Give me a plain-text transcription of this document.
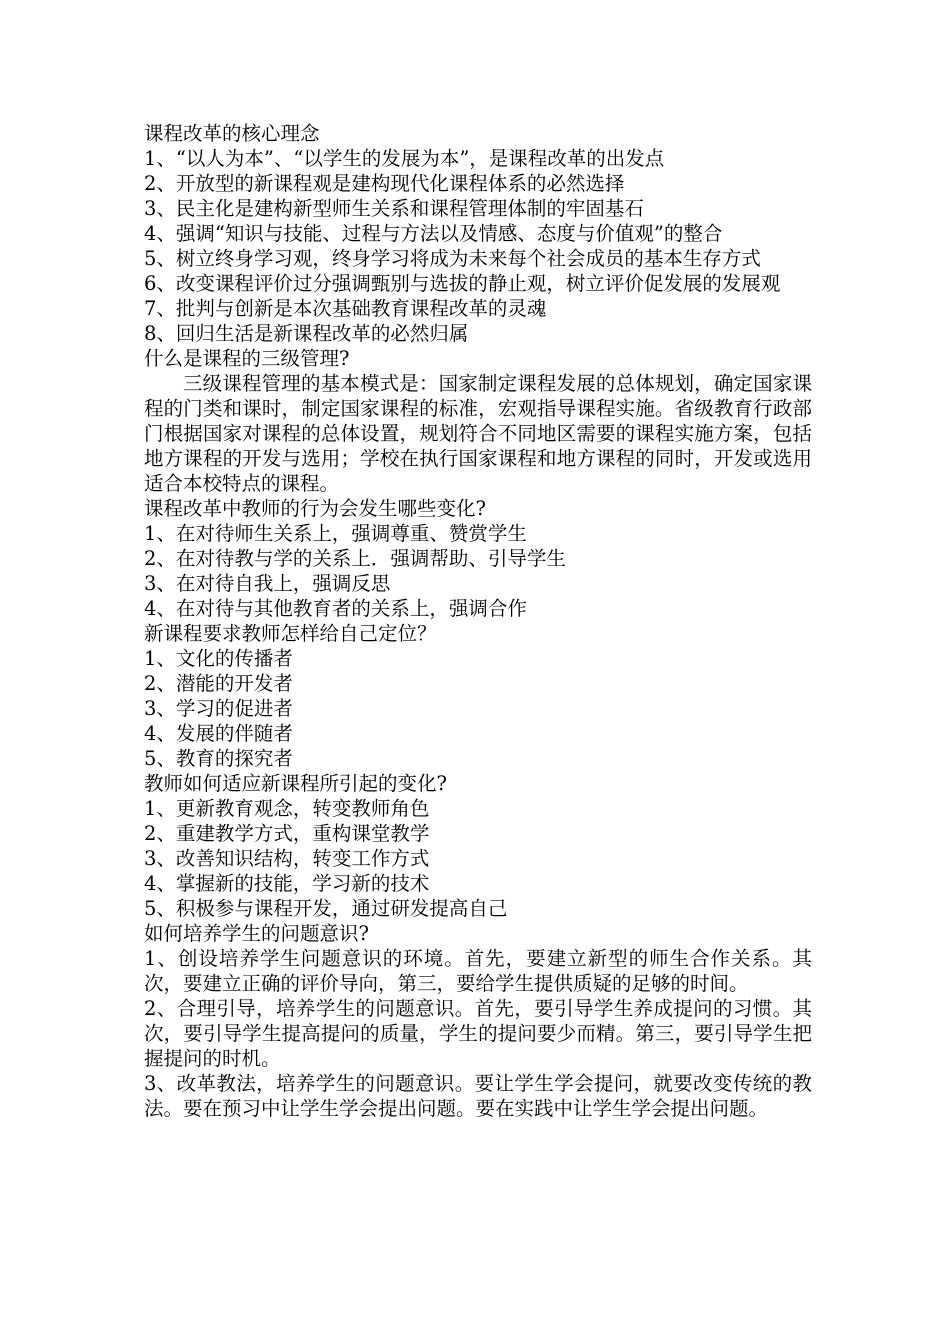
课程改革的核心理念

1、“以人为本”、“以学生的发展为本”，是课程改革的出发点

2、开放型的新课程观是建构现代化课程体系的必然选择

3、民主化是建构新型师生关系和课程管理体制的牢固基石

4、强调“知识与技能、过程与方法以及情感、态度与价值观”的整合

5、树立终身学习观，终身学习将成为未来每个社会成员的基本生存方式

6、改变课程评价过分强调甄别与选拔的静止观，树立评价促发展的发展观

7、批判与创新是本次基础教育课程改革的灵魂

8、回归生活是新课程改革的必然归属

什么是课程的三级管理?

三级课程管理的基本模式是：国家制定课程发展的总体规划，确定国家课程的门类和课时，制定国家课程的标准，宏观指导课程实施。省级教育行政部门根据国家对课程的总体设置，规划符合不同地区需要的课程实施方案，包括地方课程的开发与选用；学校在执行国家课程和地方课程的同时，开发或选用适合本校特点的课程。

课程改革中教师的行为会发生哪些变化?

1、在对待师生关系上，强调尊重、赞赏学生

2、在对待教与学的关系上．强调帮助、引导学生

3、在对待自我上，强调反思

4、在对待与其他教育者的关系上，强调合作

新课程要求教师怎样给自己定位？

1、文化的传播者

2、潜能的开发者

3、学习的促进者

4、发展的伴随者

5、教育的探究者

教师如何适应新课程所引起的变化?

1、更新教育观念，转变教师角色

2、重建教学方式，重构课堂教学

3、改善知识结构，转变工作方式

4、掌握新的技能，学习新的技术

5、积极参与课程开发，通过研发提高自己

如何培养学生的问题意识?

1、创设培养学生问题意识的环境。首先，要建立新型的师生合作关系。其次，要建立正确的评价导向，第三，要给学生提供质疑的足够的时间。

2、合理引导，培养学生的问题意识。首先，要引导学生养成提问的习惯。其次，要引导学生提高提问的质量，学生的提问要少而精。第三，要引导学生把握提问的时机。

3、改革教法，培养学生的问题意识。要让学生学会提问，就要改变传统的教法。要在预习中让学生学会提出问题。要在实践中让学生学会提出问题。
